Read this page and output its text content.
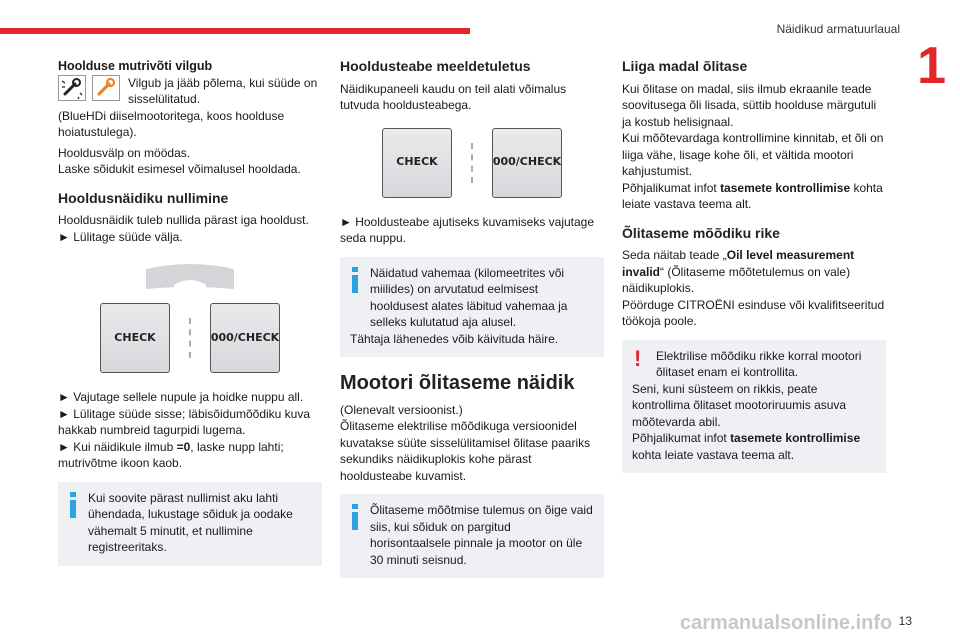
Näidikud armatuurlaual
1

Hoolduse mutrivõti vilgub

Vilgub ja jääb põlema, kui süüde on sisselülitatud.

(BlueHDi diiselmootoritega, koos hoolduse hoiatustulega).

Hooldusvälp on möödas.

Laske sõidukit esimesel võimalusel hooldada.

Hooldusnäidiku nullimine

Hooldusnäidik tuleb nullida pärast iga hooldust.

► Lülitage süüde välja.

CHECK	000/CHECK

► Vajutage sellele nupule ja hoidke nuppu all.

► Lülitage süüde sisse; läbisõidumõõdiku kuva hakkab numbreid tagurpidi lugema.

► Kui näidikule ilmub =0, laske nupp lahti; mutrivõtme ikoon kaob.

Kui soovite pärast nullimist aku lahti ühendada, lukustage sõiduk ja oodake vähemalt 5 minutit, et nullimine registreeritaks.

Hooldusteabe meeldetuletus

Näidikupaneeli kaudu on teil alati võimalus tutvuda hooldusteabega.

CHECK	000/CHECK

► Hooldusteabe ajutiseks kuvamiseks vajutage seda nuppu.

Näidatud vahemaa (kilomeetrites või miilides) on arvutatud eelmisest hooldusest alates läbitud vahemaa ja selleks kulutatud aja alusel.
Tähtaja lähenedes võib käivituda häire.

Mootori õlitaseme näidik

(Olenevalt versioonist.)

Õlitaseme elektrilise mõõdikuga versioonidel kuvatakse süüte sisselülitamisel õlitase paariks sekundiks näidikuplokis kohe pärast hooldusteabe kuvamist.

Õlitaseme mõõtmise tulemus on õige vaid siis, kui sõiduk on pargitud horisontaalsele pinnale ja mootor on üle 30 minuti seisnud.

Liiga madal õlitase

Kui õlitase on madal, siis ilmub ekraanile teade soovitusega õli lisada, süttib hoolduse märgutuli ja kostub helisignaal.

Kui mõõtevardaga kontrollimine kinnitab, et õli on liiga vähe, lisage kohe õli, et vältida mootori kahjustumist.

Põhjalikumat infot tasemete kontrollimise kohta leiate vastava teema alt.

Õlitaseme mõõdiku rike

Seda näitab teade „Oil level measurement invalid“ (Õlitaseme mõõtetulemus on vale) näidikuplokis.

Pöörduge CITROËNI esinduse või kvalifitseeritud töökoja poole.

!	Elektrilise mõõdiku rikke korral mootori õlitaset enam ei kontrollita.
Seni, kuni süsteem on rikkis, peate kontrollima õlitaset mootoriruumis asuva mõõtevarda abil.
Põhjalikumat infot tasemete kontrollimise kohta leiate vastava teema alt.
carmanualsonline.info 13
